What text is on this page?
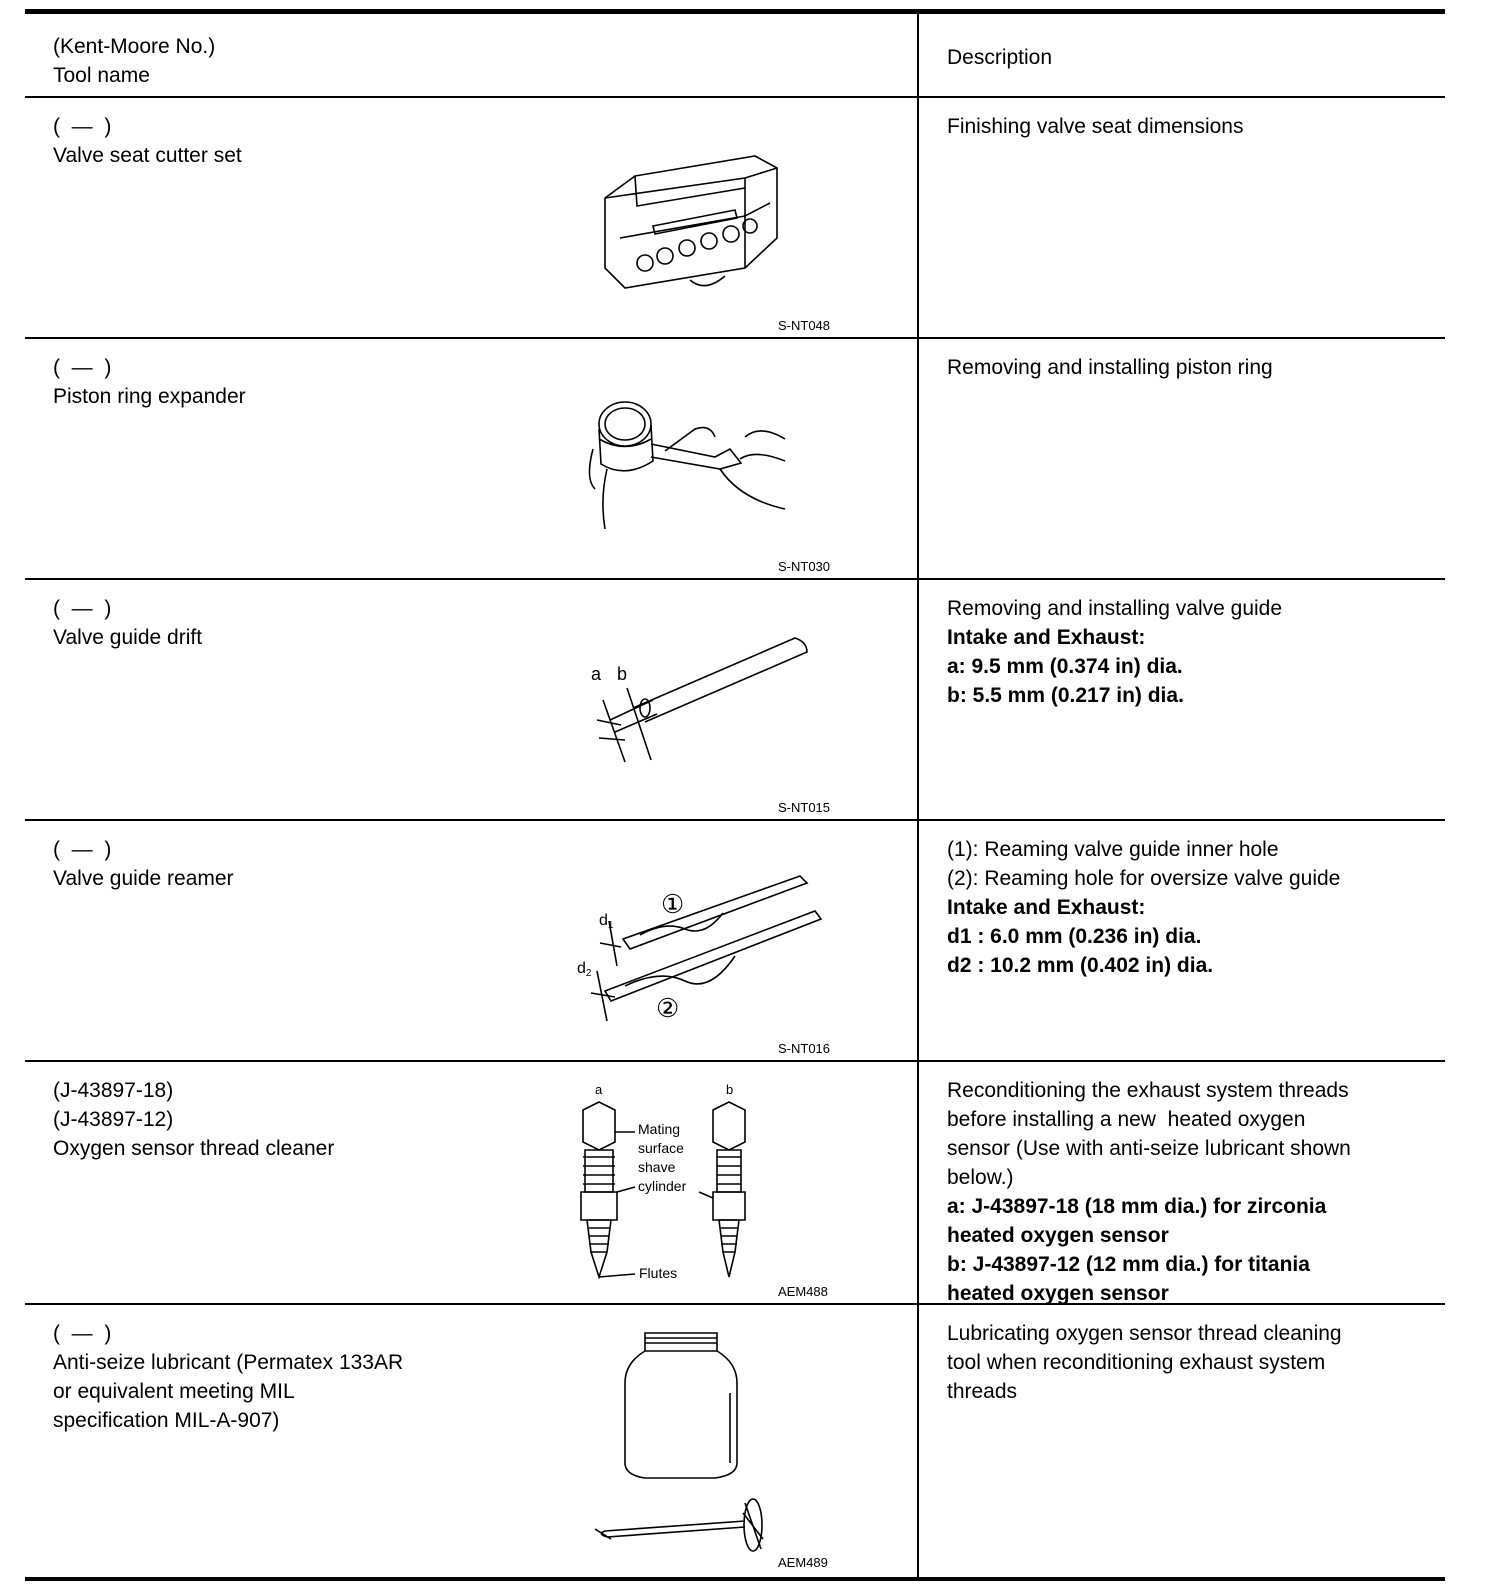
(Kent-Moore No.)
Tool name
Description
(  —  )
Valve seat cutter set
S-NT048
Finishing valve seat dimensions
(  —  )
Piston ring expander
S-NT030
Removing and installing piston ring
(  —  )
Valve guide drift
a b
S-NT015
Removing and installing valve guide
Intake and Exhaust:
a: 9.5 mm (0.374 in) dia.
b: 5.5 mm (0.217 in) dia.
(  —  )
Valve guide reamer
①
②
d1
d2
S-NT016
(1): Reaming valve guide inner hole
(2): Reaming hole for oversize valve guide
Intake and Exhaust:
d1 : 6.0 mm (0.236 in) dia.
d2 : 10.2 mm (0.402 in) dia.
(J-43897-18)
(J-43897-12)
Oxygen sensor thread cleaner
a	b
Mating
surface
shave
cylinder
Flutes
AEM488
Reconditioning the exhaust system threads
before installing a new  heated oxygen
sensor (Use with anti-seize lubricant shown
below.)
a: J-43897-18 (18 mm dia.) for zirconia
heated oxygen sensor
b: J-43897-12 (12 mm dia.) for titania
heated oxygen sensor
(  —  )
Anti-seize lubricant (Permatex 133AR
or equivalent meeting MIL
specification MIL-A-907)
AEM489
Lubricating oxygen sensor thread cleaning
tool when reconditioning exhaust system
threads
